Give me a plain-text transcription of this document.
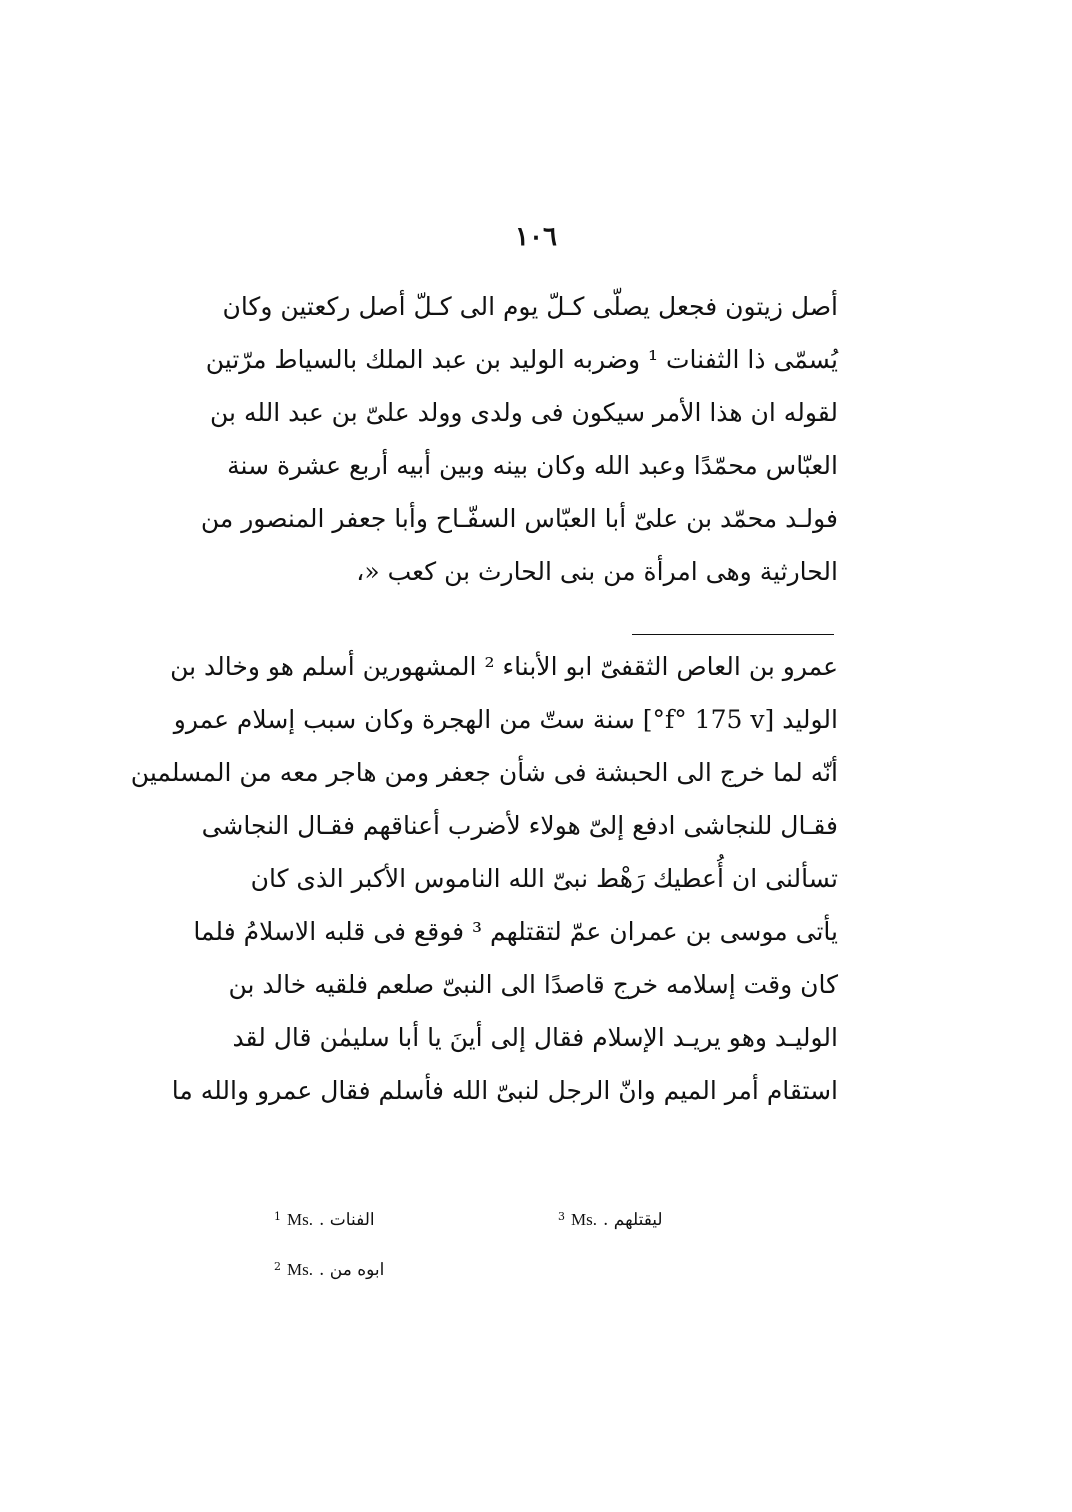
١٠٦
أصل زيتون فجعل يصلّى كـلّ يوم الى كـلّ أصل ركعتين وكان
يُسمّى ذا الثفنات ¹ وضربه الوليد بن عبد الملك بالسياط مرّتين
لقوله ان هذا الأمر سيكون فى ولدى وولد علىّ بن عبد الله بن
العبّاس محمّدًا وعبد الله وكان بينه وبين أبيه أربع عشرة سنة
فولـد محمّد بن علىّ أبا العبّاس السفّـاح وأبا جعفر المنصور من
الحارثية وهى امرأة من بنى الحارث بن كعب «،
عمرو بن العاص الثقفىّ ابو الأبناء ² المشهورين أسلم هو وخالد بن
الوليد [f° 175 v°] سنة ستّ من الهجرة وكان سبب إسلام عمرو
أنّه لما خرج الى الحبشة فى شأن جعفر ومن هاجر معه من المسلمين
فقـال للنجاشى ادفع إلىّ هولاء لأضرب أعناقهم فقـال النجاشى
تسألنى ان أُعطيك رَهْط نبىّ الله الناموس الأكبر الذى كان
يأتى موسى بن عمران عمّ لتقتلهم ³ فوقع فى قلبه الاسلامُ فلما
كان وقت إسلامه خرج قاصدًا الى النبىّ صلعم فلقيه خالد بن
الوليـد وهو يريـد الإسلام فقال إلى أينَ يا أبا سليمٰن قال لقد
استقام أمر الميم وانّ الرجل لنبىّ الله فأسلم فقال عمرو والله ما
$^1$ Ms. الفنات .	$^3$ Ms. ليقتلهم .
$^2$ Ms. ابوه من .
